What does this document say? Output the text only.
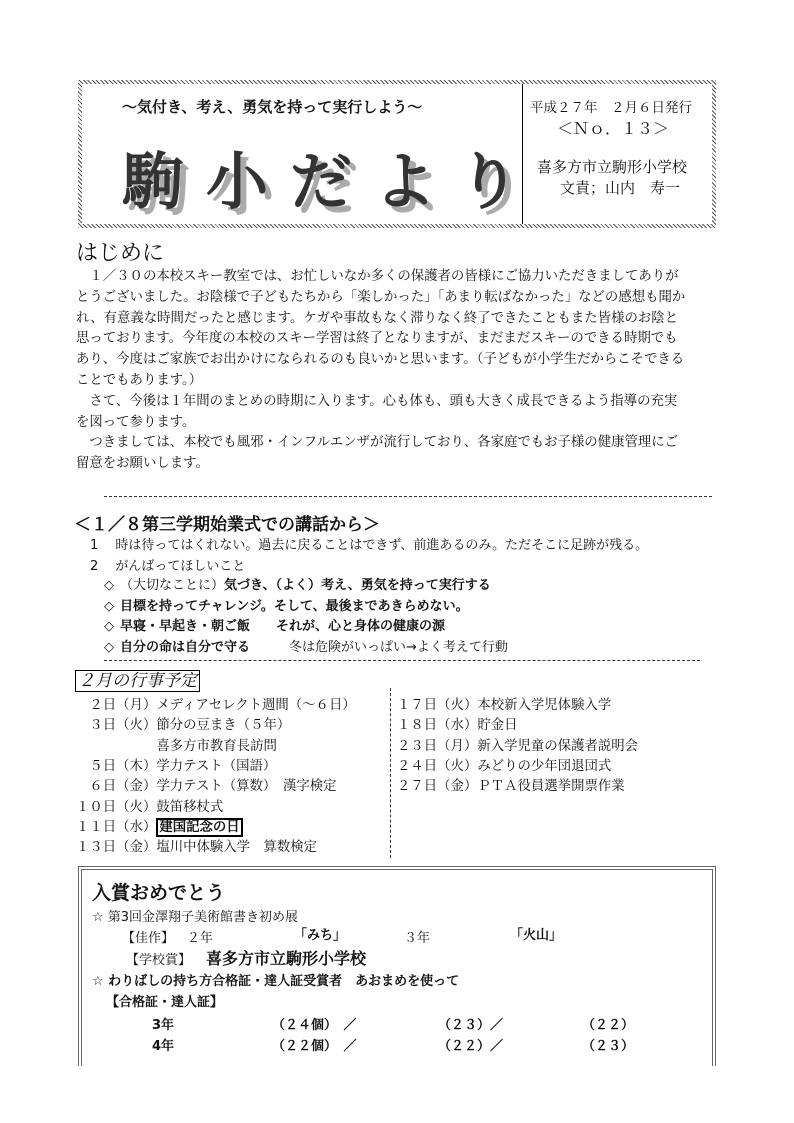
～気付き、考え、勇気を持って実行しよう～
駒小だより
平成２７年　２月６日発行
＜Ｎｏ．１３＞
喜多方市立駒形小学校
文責；山内　寿一
はじめに
　１／３０の本校スキー教室では、お忙しいなか多くの保護者の皆様にご協力いただきましてありが
とうございました。お陰様で子どもたちから「楽しかった」「あまり転ばなかった」などの感想も聞か
れ、有意義な時間だったと感じます。ケガや事故もなく滞りなく終了できたこともまた皆様のお陰と
思っております。今年度の本校のスキー学習は終了となりますが、まだまだスキーのできる時期でも
あり、今度はご家族でお出かけになられるのも良いかと思います。（子どもが小学生だからこそできる
ことでもあります。）
　さて、今後は１年間のまとめの時期に入ります。心も体も、頭も大きく成長できるよう指導の充実
を図って参ります。
　つきましては、本校でも風邪・インフルエンザが流行しており、各家庭でもお子様の健康管理にご
留意をお願いします。
＜１／８第三学期始業式での講話から＞
1　 時は待ってはくれない。過去に戻ることはできず、前進あるのみ。ただそこに足跡が残る。
2　 がんばってほしいこと
◇ （大切なことに）気づき、（よく）考え、勇気を持って実行する
◇ 目標を持ってチャレンジ。そして、最後まであきらめない。
◇ 早寝・早起き・朝ご飯　　それが、心と身体の健康の源
◇ 自分の命は自分で守る　　　冬は危険がいっぱい→よく考えて行動
２月の行事予定
　２日（月）メディアセレクト週間（～６日）
　３日（火）節分の豆まき（５年）
　　　　　　喜多方市教育長訪問
　５日（木）学力テスト（国語）
　６日（金）学力テスト（算数）　漢字検定
１０日（火）鼓笛移杖式
１１日（水） 建国記念の日
１３日（金）塩川中体験入学　算数検定
１７日（火）本校新入学児体験入学
１８日（水）貯金日
２３日（月）新入学児童の保護者説明会
２４日（火）みどりの少年団退団式
２７日（金）ＰＴＡ役員選挙開票作業
入賞おめでとう
☆ 第3回金澤翔子美術館書き初め展
【佳作】 ２年	「みち」	３年	「火山」
【学校賞】 喜多方市立駒形小学校
☆ わりばしの持ち方合格証・達人証受賞者　あおまめを使って
【合格証・達人証】
3年	（２４個）　／	（２３）／	（２２）
4年	（２２個）　／	（２２）／	（２３）
